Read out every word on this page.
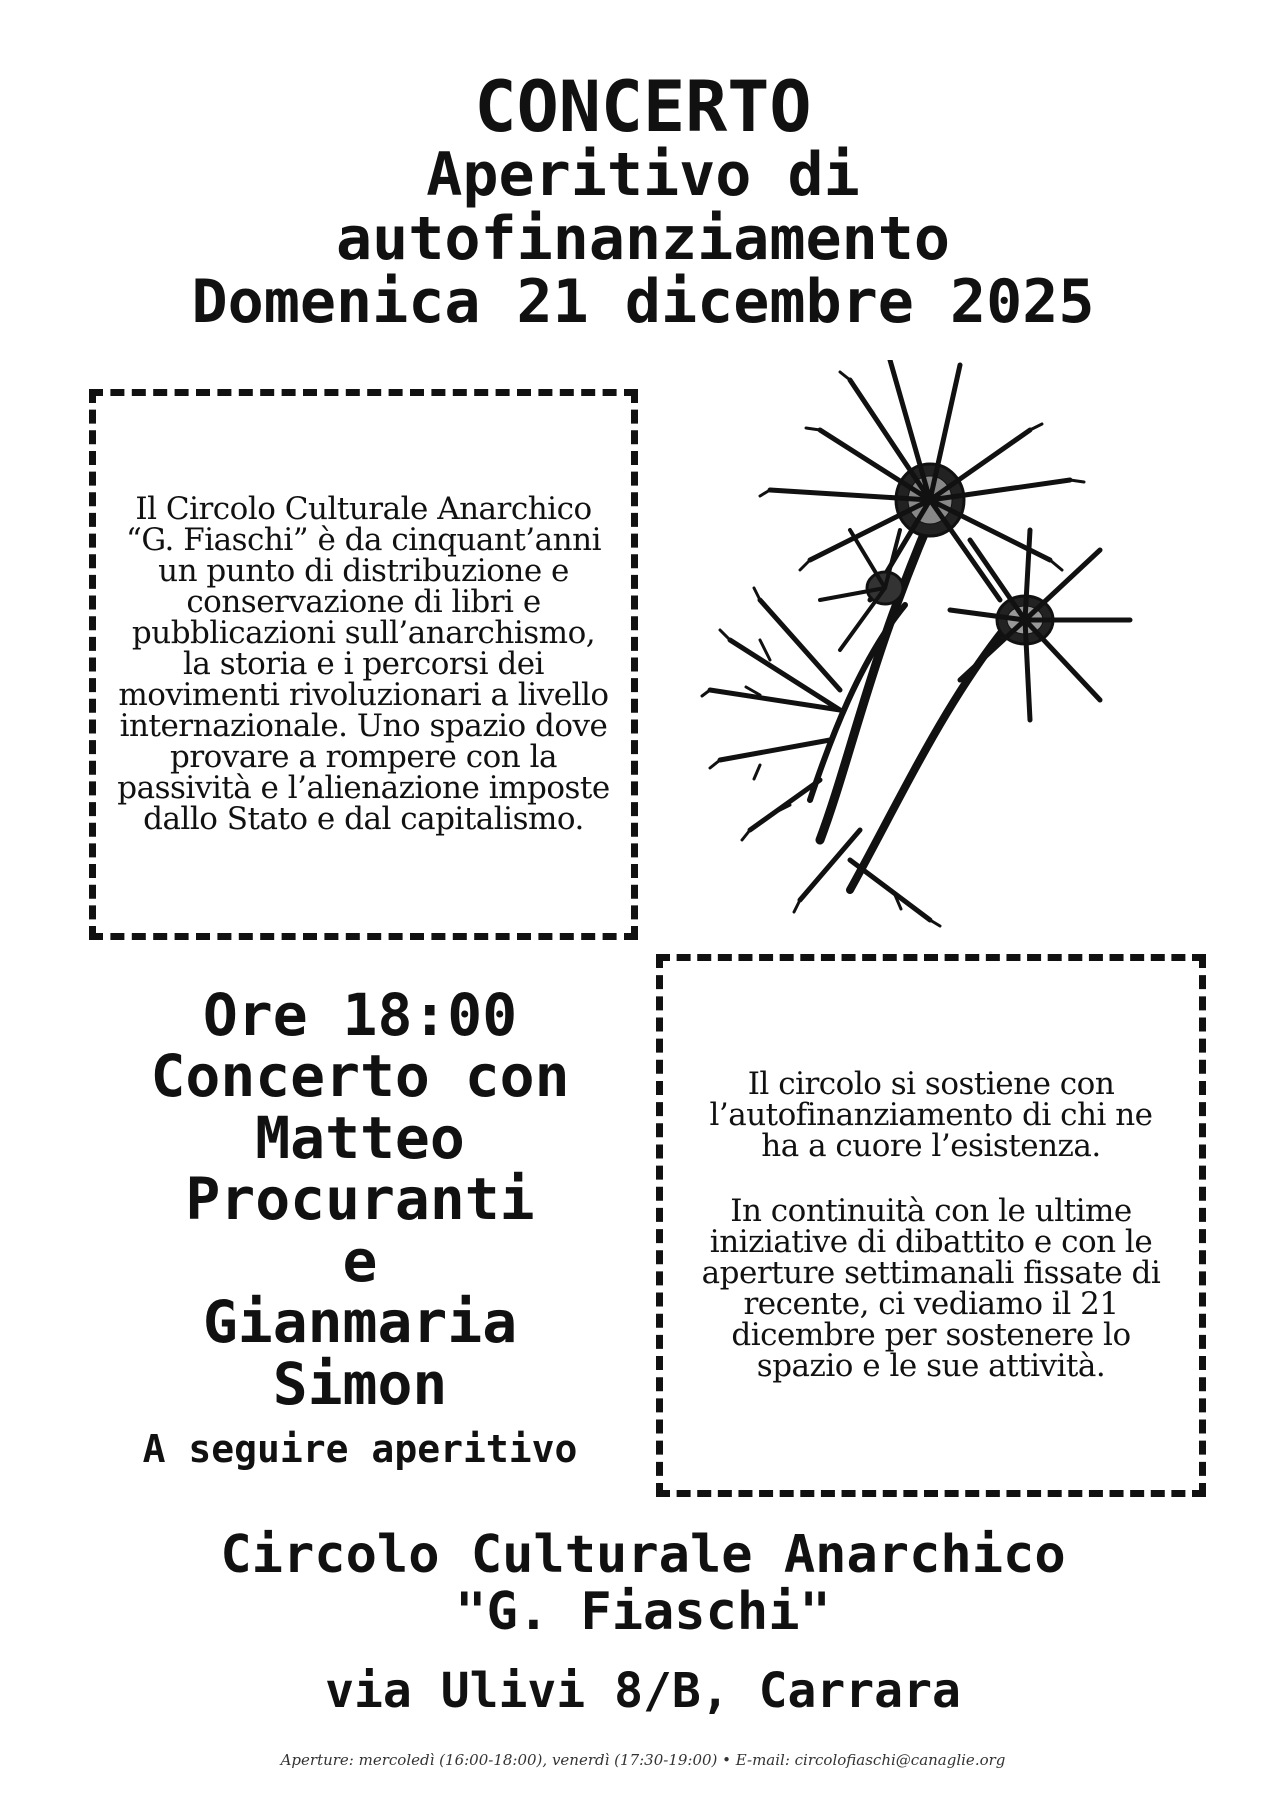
CONCERTO
Aperitivo di
autofinanziamento
Domenica 21 dicembre 2025
Il Circolo Culturale Anarchico “G. Fiaschi” è da cinquant’anni un punto di distribuzione e conservazione di libri e pubblicazioni sull’anarchismo, la storia e i percorsi dei movimenti rivoluzionari a livello internazionale. Uno spazio dove provare a rompere con la passività e l’alienazione imposte dallo Stato e dal capitalismo.
Ore 18:00
Concerto con
Matteo
Procuranti
e
Gianmaria
Simon
A seguire aperitivo
Il circolo si sostiene con l’autofinanziamento di chi ne ha a cuore l’esistenza.
In continuità con le ultime iniziative di dibattito e con le aperture settimanali fissate di recente, ci vediamo il 21 dicembre per sostenere lo spazio e le sue attività.
Circolo Culturale Anarchico
"G. Fiaschi"
via Ulivi 8/B, Carrara
Aperture: mercoledì (16:00-18:00), venerdì (17:30-19:00) • E-mail: circolofiaschi@canaglie.org
